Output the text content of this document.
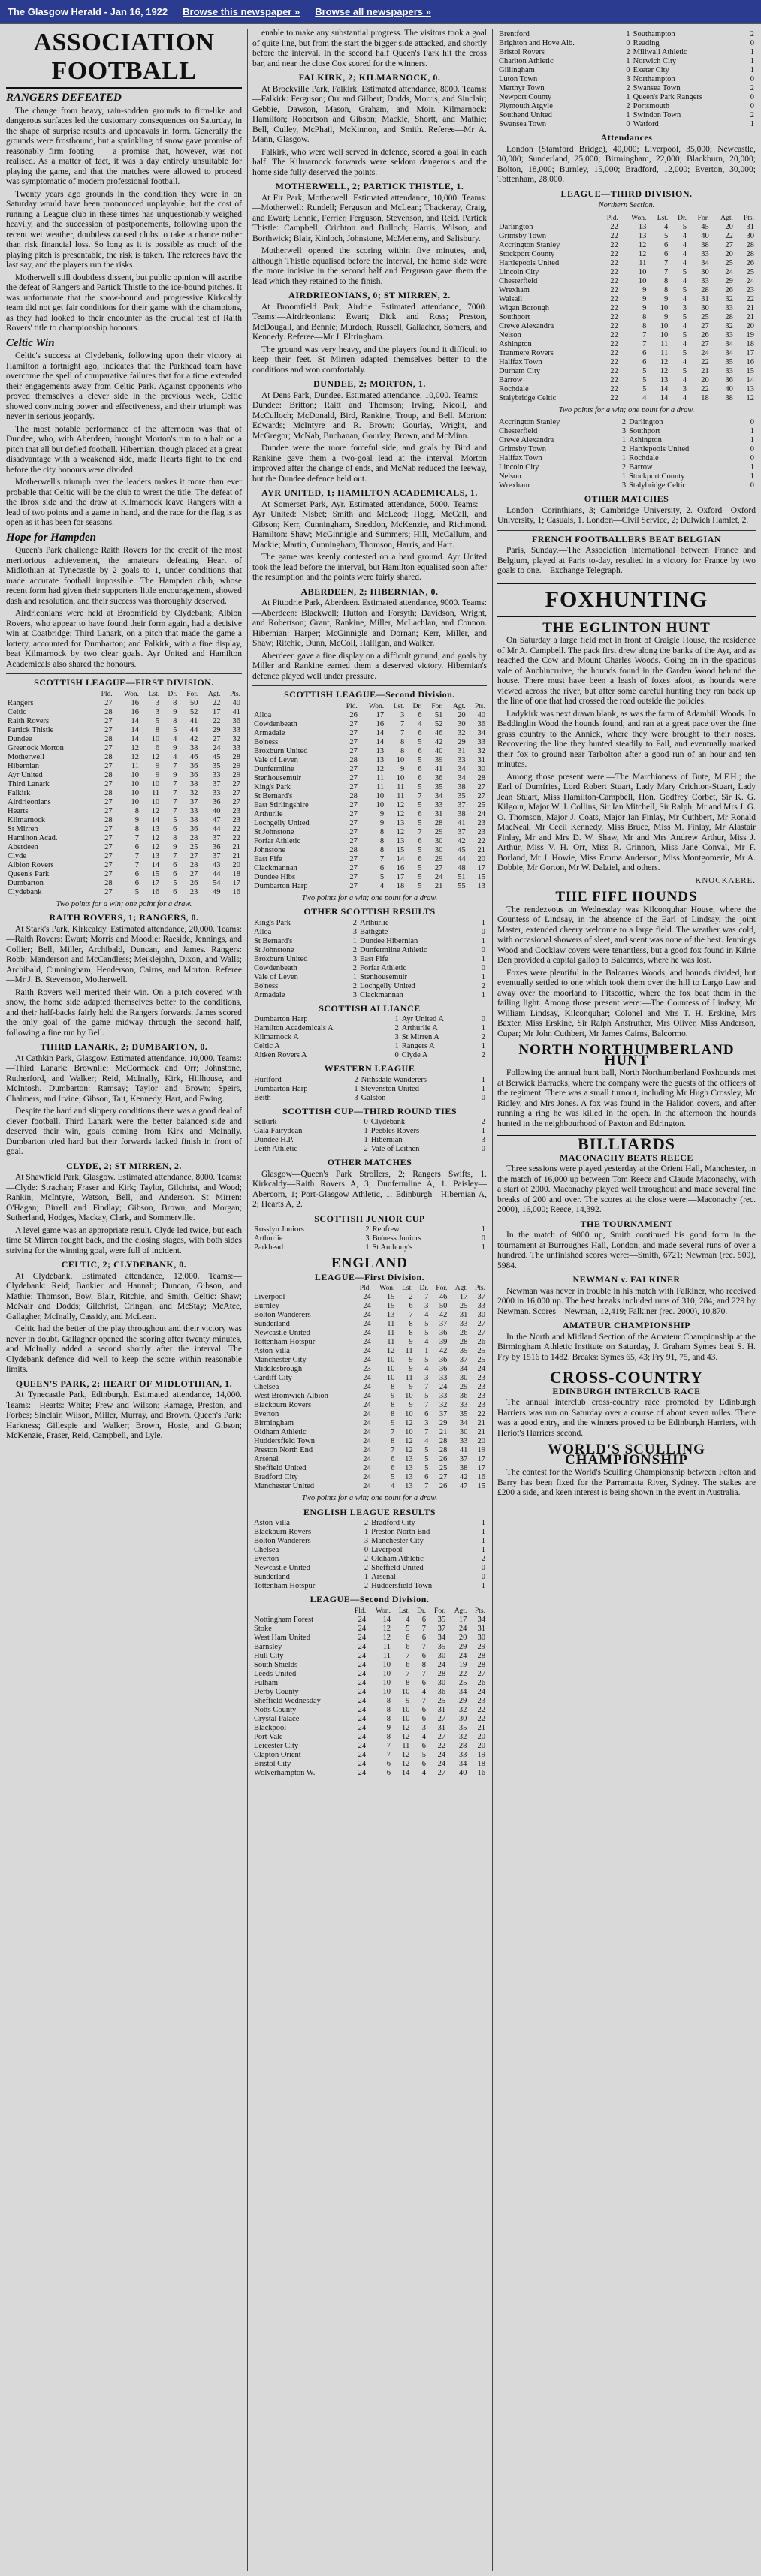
The Glasgow Herald - Jan 16, 1922 Browse this newspaper » Browse all newspapers »
ASSOCIATION FOOTBALL
RANGERS DEFEATED

The change from heavy, rain-sodden grounds to firm-like and dangerous surfaces led the customary consequences on Saturday, in the shape of surprise results and upheavals in form. Generally the grounds were frostbound, but a sprinkling of snow gave promise of reasonably firm footing — a promise that, however, was not realised. As a matter of fact, it was a day entirely unsuitable for playing the game, and that the matches were allowed to proceed was symptomatic of modern professional football.

Twenty years ago grounds in the condition they were in on Saturday would have been pronounced unplayable, but the cost of running a League club in these times has unquestionably weighed heavily, and the succession of postponements, following upon the recent wet weather, doubtless caused clubs to take a chance rather than risk financial loss. So long as it is possible as much of the playing pitch is presentable, the risk is taken. The referees have the last say, and the players run the risks.

Motherwell still doubtless dissent, but public opinion will ascribe the defeat of Rangers and Partick Thistle to the ice-bound pitches. It was unfortunate that the snow-bound and progressive Kirkcaldy team did not get fair conditions for their game with the champions, as they had looked to their encounter as the crucial test of Raith Rovers' title to championship honours.

Celtic Win

Celtic's success at Clydebank, following upon their victory at Hamilton a fortnight ago, indicates that the Parkhead team have overcome the spell of comparative failures that for a time extended their engagements away from Celtic Park. Against opponents who proved themselves a clever side in the previous week, Celtic showed convincing power and effectiveness, and their triumph was never in serious jeopardy.

The most notable performance of the afternoon was that of Dundee, who, with Aberdeen, brought Morton's run to a halt on a pitch that all but defied football. Hibernian, though placed at a great disadvantage with a weakened side, made Hearts fight to the end before the city honours were divided.

Motherwell's triumph over the leaders makes it more than ever probable that Celtic will be the club to wrest the title. The defeat of the Ibrox side and the draw at Kilmarnock leave Rangers with a lead of two points and a game in hand, and the race for the flag is as open as it has been for seasons.

Hope for Hampden

Queen's Park challenge Raith Rovers for the credit of the most meritorious achievement, the amateurs defeating Heart of Midlothian at Tynecastle by 2 goals to 1, under conditions that made accurate football impossible. The Hampden club, whose recent form had given their supporters little encouragement, showed dash and resolution, and their success was thoroughly deserved.

Airdrieonians were held at Broomfield by Clydebank; Albion Rovers, who appear to have found their form again, had a decisive win at Coatbridge; Third Lanark, on a pitch that made the game a lottery, accounted for Dumbarton; and Falkirk, with a fine display, beat Kilmarnock by two clear goals. Ayr United and Hamilton Academicals also shared the honours.

SCOTTISH LEAGUE—FIRST DIVISION.
	Pld.	Won.	Lst.	Dr.	For.	Agt.	Pts.
Rangers	27	16	3	8	50	22	40
Celtic	28	16	3	9	52	17	41
Raith Rovers	27	14	5	8	41	22	36
Partick Thistle	27	14	8	5	44	29	33
Dundee	28	14	10	4	42	27	32
Greenock Morton	27	12	6	9	38	24	33
Motherwell	28	12	12	4	46	45	28
Hibernian	27	11	9	7	36	35	29
Ayr United	28	10	9	9	36	33	29
Third Lanark	27	10	10	7	38	37	27
Falkirk	28	10	11	7	32	33	27
Airdrieonians	27	10	10	7	37	36	27
Hearts	27	8	12	7	33	40	23
Kilmarnock	28	9	14	5	38	47	23
St Mirren	27	8	13	6	36	44	22
Hamilton Acad.	27	7	12	8	28	37	22
Aberdeen	27	6	12	9	25	36	21
Clyde	27	7	13	7	27	37	21
Albion Rovers	27	7	14	6	28	43	20
Queen's Park	27	6	15	6	27	44	18
Dumbarton	28	6	17	5	26	54	17
Clydebank	27	5	16	6	23	49	16
Two points for a win; one point for a draw.
RAITH ROVERS, 1; RANGERS, 0.

At Stark's Park, Kirkcaldy. Estimated attendance, 20,000. Teams:—Raith Rovers: Ewart; Morris and Moodie; Raeside, Jennings, and Collier; Bell, Miller, Archibald, Duncan, and James. Rangers: Robb; Manderson and McCandless; Meiklejohn, Dixon, and Walls; Archibald, Cunningham, Henderson, Cairns, and Morton. Referee—Mr J. B. Stevenson, Motherwell.

Raith Rovers well merited their win. On a pitch covered with snow, the home side adapted themselves better to the conditions, and their half-backs fairly held the Rangers forwards. James scored the only goal of the game midway through the second half, following a fine run by Bell.

THIRD LANARK, 2; DUMBARTON, 0.

At Cathkin Park, Glasgow. Estimated attendance, 10,000. Teams:—Third Lanark: Brownlie; McCormack and Orr; Johnstone, Rutherford, and Walker; Reid, McInally, Kirk, Hillhouse, and McIntosh. Dumbarton: Ramsay; Taylor and Brown; Speirs, Chalmers, and Irvine; Gibson, Tait, Kennedy, Hart, and Ewing.

Despite the hard and slippery conditions there was a good deal of clever football. Third Lanark were the better balanced side and deserved their win, goals coming from Kirk and McInally. Dumbarton tried hard but their forwards lacked finish in front of goal.

CLYDE, 2; ST MIRREN, 2.

At Shawfield Park, Glasgow. Estimated attendance, 8000. Teams:—Clyde: Strachan; Fraser and Kirk; Taylor, Gilchrist, and Wood; Rankin, McIntyre, Watson, Bell, and Anderson. St Mirren: O'Hagan; Birrell and Findlay; Gibson, Brown, and Morgan; Sutherland, Hodges, Mackay, Clark, and Sommerville.

A level game was an appropriate result. Clyde led twice, but each time St Mirren fought back, and the closing stages, with both sides striving for the winning goal, were full of incident.

CELTIC, 2; CLYDEBANK, 0.

At Clydebank. Estimated attendance, 12,000. Teams:—Clydebank: Reid; Bankier and Hannah; Duncan, Gibson, and Mathie; Thomson, Bow, Blair, Ritchie, and Smith. Celtic: Shaw; McNair and Dodds; Gilchrist, Cringan, and McStay; McAtee, Gallagher, McInally, Cassidy, and McLean.

Celtic had the better of the play throughout and their victory was never in doubt. Gallagher opened the scoring after twenty minutes, and McInally added a second shortly after the interval. The Clydebank defence did well to keep the score within reasonable limits.

QUEEN'S PARK, 2; HEART OF MIDLOTHIAN, 1.

At Tynecastle Park, Edinburgh. Estimated attendance, 14,000. Teams:—Hearts: White; Frew and Wilson; Ramage, Preston, and Forbes; Sinclair, Wilson, Miller, Murray, and Brown. Queen's Park: Harkness; Gillespie and Walker; Brown, Hosie, and Gibson; McKenzie, Fraser, Reid, Campbell, and Lyle.

enable to make any substantial progress. The visitors took a goal of quite line, but from the start the bigger side attacked, and shortly before the interval. In the second half Queen's Park hit the cross bar, and near the close Cox scored for the winners.

FALKIRK, 2; KILMARNOCK, 0.

At Brockville Park, Falkirk. Estimated attendance, 8000. Teams:—Falkirk: Ferguson; Orr and Gilbert; Dodds, Morris, and Sinclair; Gebbie, Dawson, Mason, Graham, and Moir. Kilmarnock: Hamilton; Robertson and Gibson; Mackie, Shortt, and Mathie; Bell, Culley, McPhail, McKinnon, and Smith. Referee—Mr A. Mann, Glasgow.

Falkirk, who were well served in defence, scored a goal in each half. The Kilmarnock forwards were seldom dangerous and the home side fully deserved the points.

MOTHERWELL, 2; PARTICK THISTLE, 1.

At Fir Park, Motherwell. Estimated attendance, 10,000. Teams:—Motherwell: Rundell; Ferguson and McLean; Thackeray, Craig, and Ewart; Lennie, Ferrier, Ferguson, Stevenson, and Reid. Partick Thistle: Campbell; Crichton and Bulloch; Harris, Wilson, and Borthwick; Blair, Kinloch, Johnstone, McMenemy, and Salisbury.

Motherwell opened the scoring within five minutes, and, although Thistle equalised before the interval, the home side were the more incisive in the second half and Ferguson gave them the lead which they retained to the finish.

AIRDRIEONIANS, 0; ST MIRREN, 2.

At Broomfield Park, Airdrie. Estimated attendance, 7000. Teams:—Airdrieonians: Ewart; Dick and Ross; Preston, McDougall, and Bennie; Murdoch, Russell, Gallacher, Somers, and Kennedy. Referee—Mr J. Eltringham.

The ground was very heavy, and the players found it difficult to keep their feet. St Mirren adapted themselves better to the conditions and won comfortably.

DUNDEE, 2; MORTON, 1.

At Dens Park, Dundee. Estimated attendance, 10,000. Teams:—Dundee: Britton; Raitt and Thomson; Irving, Nicoll, and McCulloch; McDonald, Bird, Rankine, Troup, and Bell. Morton: Edwards; McIntyre and R. Brown; Gourlay, Wright, and McGregor; McNab, Buchanan, Gourlay, Brown, and McMinn.

Dundee were the more forceful side, and goals by Bird and Rankine gave them a two-goal lead at the interval. Morton improved after the change of ends, and McNab reduced the leeway, but the Dundee defence held out.

AYR UNITED, 1; HAMILTON ACADEMICALS, 1.

At Somerset Park, Ayr. Estimated attendance, 5000. Teams:—Ayr United: Nisbet; Smith and McLeod; Hogg, McCall, and Gibson; Kerr, Cunningham, Sneddon, McKenzie, and Richmond. Hamilton: Shaw; McGinnigle and Summers; Hill, McCallum, and Mackie; Martin, Cunningham, Thomson, Harris, and Hart.

The game was keenly contested on a hard ground. Ayr United took the lead before the interval, but Hamilton equalised soon after the resumption and the points were fairly shared.

ABERDEEN, 2; HIBERNIAN, 0.

At Pittodrie Park, Aberdeen. Estimated attendance, 9000. Teams:—Aberdeen: Blackwell; Hutton and Forsyth; Davidson, Wright, and Robertson; Grant, Rankine, Miller, McLachlan, and Connon. Hibernian: Harper; McGinnigle and Dornan; Kerr, Miller, and Shaw; Ritchie, Dunn, McColl, Halligan, and Walker.

Aberdeen gave a fine display on a difficult ground, and goals by Miller and Rankine earned them a deserved victory. Hibernian's defence played well under pressure.

SCOTTISH LEAGUE—Second Division.
	Pld.	Won.	Lst.	Dr.	For.	Agt.	Pts.
Alloa	26	17	3	6	51	20	40
Cowdenbeath	27	16	7	4	52	30	36
Armadale	27	14	7	6	46	32	34
Bo'ness	27	14	8	5	42	29	33
Broxburn United	27	13	8	6	40	31	32
Vale of Leven	28	13	10	5	39	33	31
Dunfermline	27	12	9	6	41	34	30
Stenhousemuir	27	11	10	6	36	34	28
King's Park	27	11	11	5	35	38	27
St Bernard's	28	10	11	7	34	35	27
East Stirlingshire	27	10	12	5	33	37	25
Arthurlie	27	9	12	6	31	38	24
Lochgelly United	27	9	13	5	28	41	23
St Johnstone	27	8	12	7	29	37	23
Forfar Athletic	27	8	13	6	30	42	22
Johnstone	28	8	15	5	30	45	21
East Fife	27	7	14	6	29	44	20
Clackmannan	27	6	16	5	27	48	17
Dundee Hibs	27	5	17	5	24	51	15
Dumbarton Harp	27	4	18	5	21	55	13
Two points for a win; one point for a draw.
OTHER SCOTTISH RESULTS
King's Park	2	Arthurlie	1
Alloa	3	Bathgate	0
St Bernard's	1	Dundee Hibernian	1
St Johnstone	2	Dunfermline Athletic	0
Broxburn United	3	East Fife	1
Cowdenbeath	2	Forfar Athletic	0
Vale of Leven	1	Stenhousemuir	1
Bo'ness	2	Lochgelly United	2
Armadale	3	Clackmannan	1
SCOTTISH ALLIANCE
Dumbarton Harp	1	Ayr United A	0
Hamilton Academicals A	2	Arthurlie A	1
Kilmarnock A	3	St Mirren A	2
Celtic A	1	Rangers A	1
Aitken Rovers A	0	Clyde A	2
WESTERN LEAGUE
Hurlford	2	Nithsdale Wanderers	1
Dumbarton Harp	1	Stevenston United	1
Beith	3	Galston	0
SCOTTISH CUP—THIRD ROUND TIES
Selkirk	0	Clydebank	2
Gala Fairydean	1	Peebles Rovers	1
Dundee H.P.	1	Hibernian	3
Leith Athletic	2	Vale of Leithen	0
OTHER MATCHES

Glasgow—Queen's Park Strollers, 2; Rangers Swifts, 1. Kirkcaldy—Raith Rovers A, 3; Dunfermline A, 1. Paisley—Abercorn, 1; Port-Glasgow Athletic, 1. Edinburgh—Hibernian A, 2; Hearts A, 2.

SCOTTISH JUNIOR CUP
Rosslyn Juniors	2	Renfrew	1
Arthurlie	3	Bo'ness Juniors	0
Parkhead	1	St Anthony's	1
ENGLAND
LEAGUE—First Division.
	Pld.	Won.	Lst.	Dr.	For.	Agt.	Pts.
Liverpool	24	15	2	7	46	17	37
Burnley	24	15	6	3	50	25	33
Bolton Wanderers	24	13	7	4	42	31	30
Sunderland	24	11	8	5	37	33	27
Newcastle United	24	11	8	5	36	26	27
Tottenham Hotspur	24	11	9	4	39	28	26
Aston Villa	24	12	11	1	42	35	25
Manchester City	24	10	9	5	36	37	25
Middlesbrough	23	10	9	4	36	34	24
Cardiff City	24	10	11	3	33	30	23
Chelsea	24	8	9	7	24	29	23
West Bromwich Albion	24	9	10	5	33	36	23
Blackburn Rovers	24	8	9	7	32	33	23
Everton	24	8	10	6	37	35	22
Birmingham	24	9	12	3	29	34	21
Oldham Athletic	24	7	10	7	21	30	21
Huddersfield Town	24	8	12	4	28	33	20
Preston North End	24	7	12	5	28	41	19
Arsenal	24	6	13	5	26	37	17
Sheffield United	24	6	13	5	25	38	17
Bradford City	24	5	13	6	27	42	16
Manchester United	24	4	13	7	26	47	15
Two points for a win; one point for a draw.
ENGLISH LEAGUE RESULTS
Aston Villa	2	Bradford City	1
Blackburn Rovers	1	Preston North End	1
Bolton Wanderers	3	Manchester City	1
Chelsea	0	Liverpool	1
Everton	2	Oldham Athletic	2
Newcastle United	2	Sheffield United	0
Sunderland	1	Arsenal	0
Tottenham Hotspur	2	Huddersfield Town	1
LEAGUE—Second Division.
	Pld.	Won.	Lst.	Dr.	For.	Agt.	Pts.
Nottingham Forest	24	14	4	6	35	17	34
Stoke	24	12	5	7	37	24	31
West Ham United	24	12	6	6	34	20	30
Barnsley	24	11	6	7	35	29	29
Hull City	24	11	7	6	30	24	28
South Shields	24	10	6	8	24	19	28
Leeds United	24	10	7	7	28	22	27
Fulham	24	10	8	6	30	25	26
Derby County	24	10	10	4	36	34	24
Sheffield Wednesday	24	8	9	7	25	29	23
Notts County	24	8	10	6	31	32	22
Crystal Palace	24	8	10	6	27	30	22
Blackpool	24	9	12	3	31	35	21
Port Vale	24	8	12	4	27	32	20
Leicester City	24	7	11	6	22	28	20
Clapton Orient	24	7	12	5	24	33	19
Bristol City	24	6	12	6	24	34	18
Wolverhampton W.	24	6	14	4	27	40	16
Brentford	1	Southampton	2
Brighton and Hove Alb.	0	Reading	0
Bristol Rovers	2	Millwall Athletic	1
Charlton Athletic	1	Norwich City	1
Gillingham	0	Exeter City	1
Luton Town	3	Northampton	0
Merthyr Town	2	Swansea Town	2
Newport County	1	Queen's Park Rangers	0
Plymouth Argyle	2	Portsmouth	0
Southend United	1	Swindon Town	2
Swansea Town	0	Watford	1
Attendances

London (Stamford Bridge), 40,000; Liverpool, 35,000; Newcastle, 30,000; Sunderland, 25,000; Birmingham, 22,000; Blackburn, 20,000; Bolton, 18,000; Burnley, 15,000; Bradford, 12,000; Everton, 30,000; Tottenham, 28,000.

LEAGUE—THIRD DIVISION.
Northern Section.
	Pld.	Won.	Lst.	Dr.	For.	Agt.	Pts.
Darlington	22	13	4	5	45	20	31
Grimsby Town	22	13	5	4	40	22	30
Accrington Stanley	22	12	6	4	38	27	28
Stockport County	22	12	6	4	33	20	28
Hartlepools United	22	11	7	4	34	25	26
Lincoln City	22	10	7	5	30	24	25
Chesterfield	22	10	8	4	33	29	24
Wrexham	22	9	8	5	28	26	23
Walsall	22	9	9	4	31	32	22
Wigan Borough	22	9	10	3	30	33	21
Southport	22	8	9	5	25	28	21
Crewe Alexandra	22	8	10	4	27	32	20
Nelson	22	7	10	5	26	33	19
Ashington	22	7	11	4	27	34	18
Tranmere Rovers	22	6	11	5	24	34	17
Halifax Town	22	6	12	4	22	35	16
Durham City	22	5	12	5	21	33	15
Barrow	22	5	13	4	20	36	14
Rochdale	22	5	14	3	22	40	13
Stalybridge Celtic	22	4	14	4	18	38	12
Two points for a win; one point for a draw.
Accrington Stanley	2	Darlington	0
Chesterfield	3	Southport	1
Crewe Alexandra	1	Ashington	1
Grimsby Town	2	Hartlepools United	0
Halifax Town	1	Rochdale	0
Lincoln City	2	Barrow	1
Nelson	1	Stockport County	1
Wrexham	3	Stalybridge Celtic	0
OTHER MATCHES

London—Corinthians, 3; Cambridge University, 2. Oxford—Oxford University, 1; Casuals, 1. London—Civil Service, 2; Dulwich Hamlet, 2.

FRENCH FOOTBALLERS BEAT BELGIAN

Paris, Sunday.—The Association international between France and Belgium, played at Paris to-day, resulted in a victory for France by two goals to one.—Exchange Telegraph.

FOXHUNTING
THE EGLINTON HUNT

On Saturday a large field met in front of Craigie House, the residence of Mr A. Campbell. The pack first drew along the banks of the Ayr, and as reached the Cow and Mount Charles Woods. Going on in the spacious vale of Auchincruive, the hounds found in the Garden Wood behind the house. There must have been a leash of foxes afoot, as hounds were viewed across the river, but after some careful hunting they ran back up the line of one that had crossed the road outside the policies.

Ladykirk was next drawn blank, as was the farm of Adamhill Woods. In Baddinglin Wood the hounds found, and ran at a great pace over the fine grass country to the Annick, where they were brought to their noses. Recovering the line they hunted steadily to Fail, and eventually marked their fox to ground near Tarbolton after a good run of an hour and ten minutes.

Among those present were:—The Marchioness of Bute, M.F.H.; the Earl of Dumfries, Lord Robert Stuart, Lady Mary Crichton-Stuart, Lady Jean Stuart, Miss Hamilton-Campbell, Hon. Godfrey Corbet, Sir K. G. Kilgour, Major W. J. Collins, Sir Ian Mitchell, Sir Ralph, Mr and Mrs J. G. O. Thomson, Major J. Coats, Major Ian Finlay, Mr Cuthbert, Mr Ronald MacNeal, Mr Cecil Kennedy, Miss Bruce, Miss M. Finlay, Mr Alastair Finlay, Mr and Mrs D. W. Shaw, Mr and Mrs Andrew Arthur, Miss J. Arthur, Miss V. H. Orr, Miss R. Crinnon, Miss Jane Conval, Mr F. Borland, Mr J. Howie, Miss Emma Anderson, Miss Montgomerie, Mr A. Dobbie, Mr Gorton, Mr W. Dalziel, and others.

KNOCKAERE.
THE FIFE HOUNDS

The rendezvous on Wednesday was Kilconquhar House, where the Countess of Lindsay, in the absence of the Earl of Lindsay, the joint Master, extended cheery welcome to a large field. The weather was cold, with occasional showers of sleet, and scent was none of the best. Jennings Wood and Cocklaw covers were tenantless, but a good fox found in Kilrie Den provided a capital gallop to Balcarres, where he was lost.

Foxes were plentiful in the Balcarres Woods, and hounds divided, but eventually settled to one which took them over the hill to Largo Law and away over the moorland to Pitscottie, where the fox beat them in the failing light. Among those present were:—The Countess of Lindsay, Mr William Lindsay, Kilconquhar; Colonel and Mrs T. H. Erskine, Mrs Baxter, Miss Erskine, Sir Ralph Anstruther, Mrs Oliver, Miss Anderson, Cupar; Mr John Cuthbert, Mr James Cairns, Balcormo.

NORTH NORTHUMBERLAND HUNT

Following the annual hunt ball, North Northumberland Foxhounds met at Berwick Barracks, where the company were the guests of the officers of the regiment. There was a small turnout, including Mr Hugh Crossley, Mr Ridley, and Mrs Jones. A fox was found in the Halidon covers, and after running a ring he was killed in the open. In the afternoon the hounds hunted in the neighbourhood of Paxton and Edrington.

BILLIARDS
MACONACHY BEATS REECE

Three sessions were played yesterday at the Orient Hall, Manchester, in the match of 16,000 up between Tom Reece and Claude Maconachy, with a start of 2000. Maconachy played well throughout and made several fine breaks of 200 and over. The scores at the close were:—Maconachy (rec. 2000), 16,000; Reece, 14,392.

THE TOURNAMENT

In the match of 9000 up, Smith continued his good form in the tournament at Burroughes Hall, London, and made several runs of over a hundred. The unfinished scores were:—Smith, 6721; Newman (rec. 500), 5984.

NEWMAN v. FALKINER

Newman was never in trouble in his match with Falkiner, who received 2000 in 16,000 up. The best breaks included runs of 310, 284, and 229 by Newman. Scores—Newman, 12,419; Falkiner (rec. 2000), 10,870.

AMATEUR CHAMPIONSHIP

In the North and Midland Section of the Amateur Championship at the Birmingham Athletic Institute on Saturday, J. Graham Symes beat S. H. Fry by 1516 to 1482. Breaks: Symes 65, 43; Fry 91, 75, and 43.

CROSS-COUNTRY
EDINBURGH INTERCLUB RACE

The annual interclub cross-country race promoted by Edinburgh Harriers was run on Saturday over a course of about seven miles. There was a good entry, and the winners proved to be Edinburgh Harriers, with Heriot's Harriers second.

WORLD'S SCULLING CHAMPIONSHIP

The contest for the World's Sculling Championship between Felton and Barry has been fixed for the Parramatta River, Sydney. The stakes are £200 a side, and keen interest is being shown in the event in Australia.
